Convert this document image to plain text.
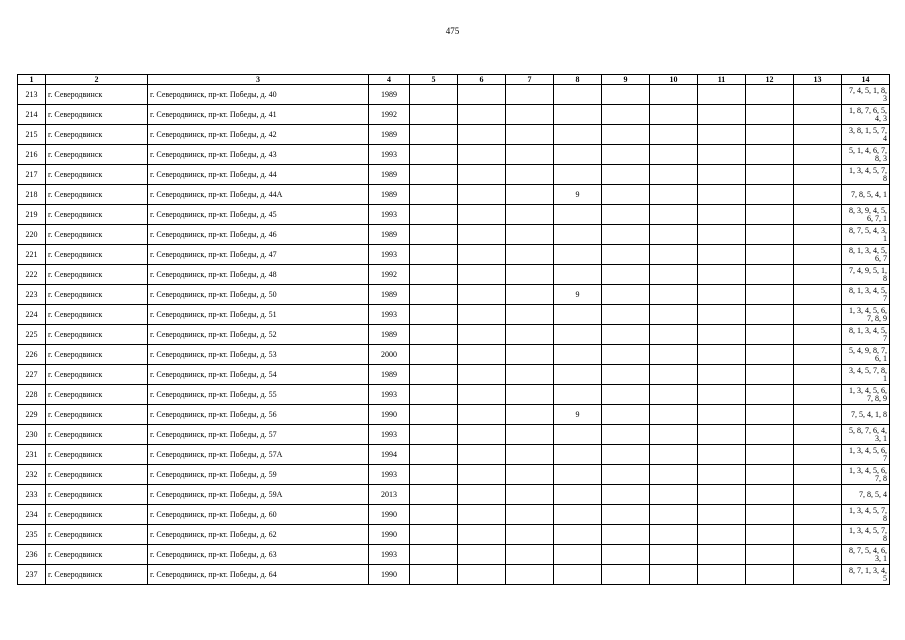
475
1	2	3	4	5	6	7	8	9	10	11	12	13	14
213	г. Северодвинск	г. Северодвинск, пр-кт. Победы, д. 40	1989										7, 4, 5, 1, 8,
3

214	г. Северодвинск	г. Северодвинск, пр-кт. Победы, д. 41	1992										1, 8, 7, 6, 5,
4, 3

215	г. Северодвинск	г. Северодвинск, пр-кт. Победы, д. 42	1989										3, 8, 1, 5, 7,
4

216	г. Северодвинск	г. Северодвинск, пр-кт. Победы, д. 43	1993										5, 1, 4, 6, 7,
8, 3

217	г. Северодвинск	г. Северодвинск, пр-кт. Победы, д. 44	1989										1, 3, 4, 5, 7,
8

218	г. Северодвинск	г. Северодвинск, пр-кт. Победы, д. 44А	1989				9						7, 8, 5, 4, 1

219	г. Северодвинск	г. Северодвинск, пр-кт. Победы, д. 45	1993										8, 3, 9, 4, 5,
6, 7, 1

220	г. Северодвинск	г. Северодвинск, пр-кт. Победы, д. 46	1989										8, 7, 5, 4, 3,
1

221	г. Северодвинск	г. Северодвинск, пр-кт. Победы, д. 47	1993										8, 1, 3, 4, 5,
6, 7

222	г. Северодвинск	г. Северодвинск, пр-кт. Победы, д. 48	1992										7, 4, 9, 5, 1,
8

223	г. Северодвинск	г. Северодвинск, пр-кт. Победы, д. 50	1989				9						8, 1, 3, 4, 5,
7

224	г. Северодвинск	г. Северодвинск, пр-кт. Победы, д. 51	1993										1, 3, 4, 5, 6,
7, 8, 9

225	г. Северодвинск	г. Северодвинск, пр-кт. Победы, д. 52	1989										8, 1, 3, 4, 5,
7

226	г. Северодвинск	г. Северодвинск, пр-кт. Победы, д. 53	2000										5, 4, 9, 8, 7,
6, 1

227	г. Северодвинск	г. Северодвинск, пр-кт. Победы, д. 54	1989										3, 4, 5, 7, 8,
1

228	г. Северодвинск	г. Северодвинск, пр-кт. Победы, д. 55	1993										1, 3, 4, 5, 6,
7, 8, 9

229	г. Северодвинск	г. Северодвинск, пр-кт. Победы, д. 56	1990				9						7, 5, 4, 1, 8

230	г. Северодвинск	г. Северодвинск, пр-кт. Победы, д. 57	1993										5, 8, 7, 6, 4,
3, 1

231	г. Северодвинск	г. Северодвинск, пр-кт. Победы, д. 57А	1994										1, 3, 4, 5, 6,
7

232	г. Северодвинск	г. Северодвинск, пр-кт. Победы, д. 59	1993										1, 3, 4, 5, 6,
7, 8

233	г. Северодвинск	г. Северодвинск, пр-кт. Победы, д. 59А	2013										7, 8, 5, 4

234	г. Северодвинск	г. Северодвинск, пр-кт. Победы, д. 60	1990										1, 3, 4, 5, 7,
8

235	г. Северодвинск	г. Северодвинск, пр-кт. Победы, д. 62	1990										1, 3, 4, 5, 7,
8

236	г. Северодвинск	г. Северодвинск, пр-кт. Победы, д. 63	1993										8, 7, 5, 4, 6,
3, 1

237	г. Северодвинск	г. Северодвинск, пр-кт. Победы, д. 64	1990										8, 7, 1, 3, 4,
5
